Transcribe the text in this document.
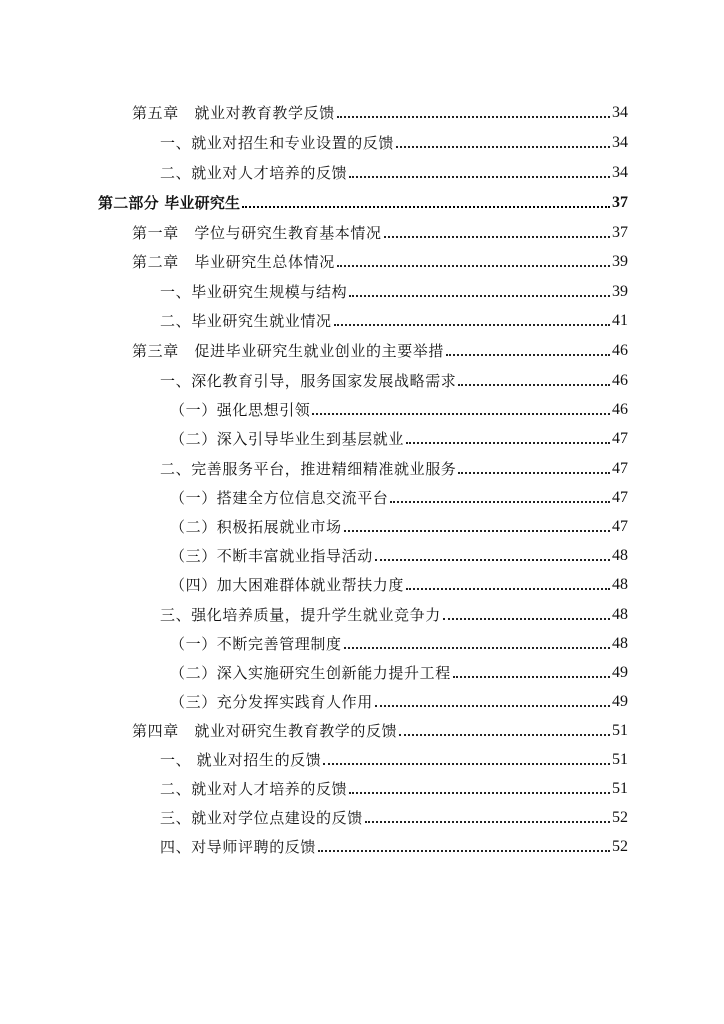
第五章　就业对教育教学反馈	34
一、就业对招生和专业设置的反馈	34
二、就业对人才培养的反馈	34
第二部分 毕业研究生	37
第一章　学位与研究生教育基本情况	37
第二章　毕业研究生总体情况	39
一、毕业研究生规模与结构	39
二、毕业研究生就业情况	41
第三章　促进毕业研究生就业创业的主要举措	46
一、深化教育引导，服务国家发展战略需求	46
（一）强化思想引领	46
（二）深入引导毕业生到基层就业	47
二、完善服务平台，推进精细精准就业服务	47
（一）搭建全方位信息交流平台	47
（二）积极拓展就业市场	47
（三）不断丰富就业指导活动	48
（四）加大困难群体就业帮扶力度	48
三、强化培养质量，提升学生就业竞争力	48
（一）不断完善管理制度	48
（二）深入实施研究生创新能力提升工程	49
（三）充分发挥实践育人作用	49
第四章　就业对研究生教育教学的反馈	51
一、 就业对招生的反馈	51
二、就业对人才培养的反馈	51
三、就业对学位点建设的反馈	52
四、对导师评聘的反馈	52
